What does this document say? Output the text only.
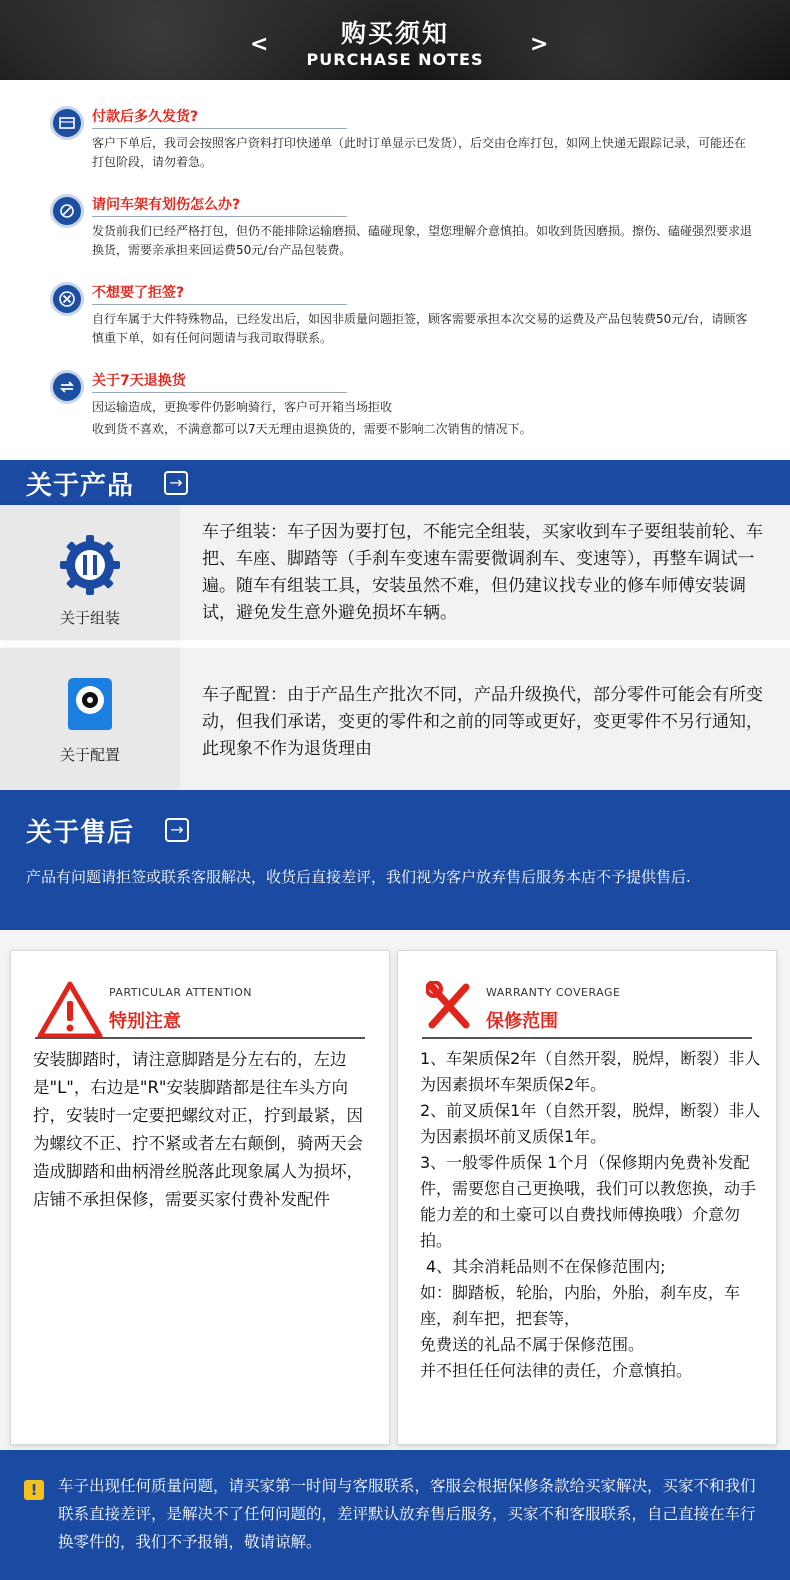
<	购买须知
PURCHASE NOTES
>
付款后多久发货?
客户下单后，我司会按照客户资料打印快递单（此时订单显示已发货），后交由仓库打包，如网上快递无跟踪记录，可能还在打包阶段，请勿着急。
请问车架有划伤怎么办?
发货前我们已经严格打包，但仍不能排除运输磨损、磕碰现象，望您理解介意慎拍。如收到货因磨损。擦伤、磕碰强烈要求退换货，需要亲承担来回运费50元/台产品包装费。
不想要了拒签?
自行车属于大件特殊物品，已经发出后，如因非质量问题拒签，顾客需要承担本次交易的运费及产品包装费50元/台，请顾客慎重下单，如有任何问题请与我司取得联系。
关于7天退换货
因运输造成，更换零件仍影响骑行，客户可开箱当场拒收
收到货不喜欢，不满意都可以7天无理由退换货的，需要不影响二次销售的情况下。
关于产品	→
关于组装
车子组装：车子因为要打包，不能完全组装，买家收到车子要组装前轮、车把、车座、脚踏等（手刹车变速车需要微调刹车、变速等），再整车调试一遍。随车有组装工具，安装虽然不难，但仍建议找专业的修车师傅安装调试，避免发生意外避免损坏车辆。
关于配置
车子配置：由于产品生产批次不同，产品升级换代，部分零件可能会有所变动，但我们承诺，变更的零件和之前的同等或更好，变更零件不另行通知，此现象不作为退货理由
关于售后	→
产品有问题请拒签或联系客服解决，收货后直接差评，我们视为客户放弃售后服务本店不予提供售后.
PARTICULAR ATTENTION
特别注意

安装脚踏时，请注意脚踏是分左右的，左边是"L"，右边是"R"安装脚踏都是往车头方向拧，安装时一定要把螺纹对正，拧到最紧，因为螺纹不正、拧不紧或者左右颠倒，骑两天会造成脚踏和曲柄滑丝脱落此现象属人为损坏，店铺不承担保修，需要买家付费补发配件

WARRANTY COVERAGE
保修范围

1、车架质保2年（自然开裂，脱焊，断裂）非人为因素损坏车架质保2年。

2、前叉质保1年（自然开裂，脱焊，断裂）非人为因素损坏前叉质保1年。

3、一般零件质保 1个月（保修期内免费补发配件，需要您自己更换哦，我们可以教您换，动手能力差的和土豪可以自费找师傅换哦）介意勿拍。

4、其余消耗品则不在保修范围内;

如：脚踏板，轮胎，内胎，外胎，刹车皮，车座，刹车把，把套等，

免费送的礼品不属于保修范围。

并不担任任何法律的责任，介意慎拍。

!	车子出现任何质量问题，请买家第一时间与客服联系，客服会根据保修条款给买家解决，买家不和我们联系直接差评，是解决不了任何问题的，差评默认放弃售后服务，买家不和客服联系，自己直接在车行换零件的，我们不予报销，敬请谅解。
